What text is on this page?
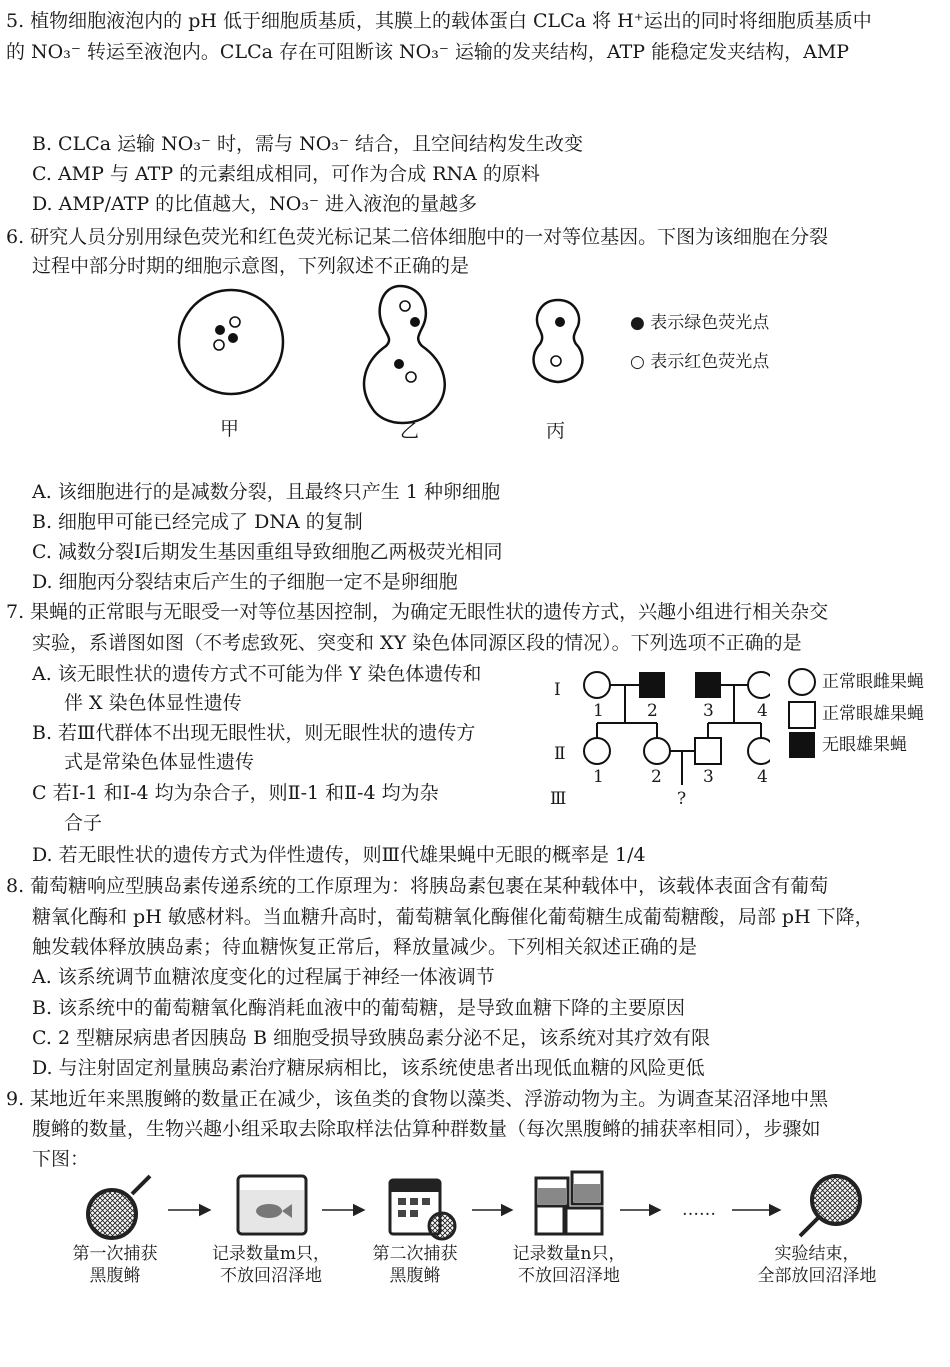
5. 植物细胞液泡内的 pH 低于细胞质基质，其膜上的载体蛋白 CLCa 将 H⁺运出的同时将细胞质基质中
的 NO₃⁻ 转运至液泡内。CLCa 存在可阻断该 NO₃⁻ 运输的发夹结构，ATP 能稳定发夹结构，AMP
B. CLCa 运输 NO₃⁻ 时，需与 NO₃⁻ 结合，且空间结构发生改变
C. AMP 与 ATP 的元素组成相同，可作为合成 RNA 的原料
D. AMP/ATP 的比值越大，NO₃⁻ 进入液泡的量越多
6. 研究人员分别用绿色荧光和红色荧光标记某二倍体细胞中的一对等位基因。下图为该细胞在分裂
过程中部分时期的细胞示意图，下列叙述不正确的是
甲	乙	丙
● 表示绿色荧光点
○ 表示红色荧光点
A. 该细胞进行的是减数分裂，且最终只产生 1 种卵细胞
B. 细胞甲可能已经完成了 DNA 的复制
C. 减数分裂Ⅰ后期发生基因重组导致细胞乙两极荧光相同
D. 细胞丙分裂结束后产生的子细胞一定不是卵细胞
7. 果蝇的正常眼与无眼受一对等位基因控制，为确定无眼性状的遗传方式，兴趣小组进行相关杂交
实验，系谱图如图（不考虑致死、突变和 XY 染色体同源区段的情况）。下列选项不正确的是
A. 该无眼性状的遗传方式不可能为伴 Y 染色体遗传和
伴 X 染色体显性遗传
B. 若Ⅲ代群体不出现无眼性状，则无眼性状的遗传方
式是常染色体显性遗传
C 若Ⅰ-1 和Ⅰ-4 均为杂合子，则Ⅱ-1 和Ⅱ-4 均为杂
合子
D. 若无眼性状的遗传方式为伴性遗传，则Ⅲ代雄果蝇中无眼的概率是 1/4
Ⅰ
Ⅱ
Ⅲ
1	2	3	4
1	2 3	4
?
正常眼雌果蝇
正常眼雄果蝇
无眼雄果蝇
8. 葡萄糖响应型胰岛素传递系统的工作原理为：将胰岛素包裹在某种载体中，该载体表面含有葡萄
糖氧化酶和 pH 敏感材料。当血糖升高时，葡萄糖氧化酶催化葡萄糖生成葡萄糖酸，局部 pH 下降，
触发载体释放胰岛素；待血糖恢复正常后，释放量减少。下列相关叙述正确的是
A. 该系统调节血糖浓度变化的过程属于神经一体液调节
B. 该系统中的葡萄糖氧化酶消耗血液中的葡萄糖，是导致血糖下降的主要原因
C. 2 型糖尿病患者因胰岛 B 细胞受损导致胰岛素分泌不足，该系统对其疗效有限
D. 与注射固定剂量胰岛素治疗糖尿病相比，该系统使患者出现低血糖的风险更低
9. 某地近年来黑腹鳉的数量正在减少，该鱼类的食物以藻类、浮游动物为主。为调查某沼泽地中黑
腹鳉的数量，生物兴趣小组采取去除取样法估算种群数量（每次黑腹鳉的捕获率相同），步骤如
下图：
……
第一次捕获
黑腹鳉
记录数量m只，
不放回沼泽地
第二次捕获
黑腹鳉
记录数量n只，
不放回沼泽地
实验结束，
全部放回沼泽地
